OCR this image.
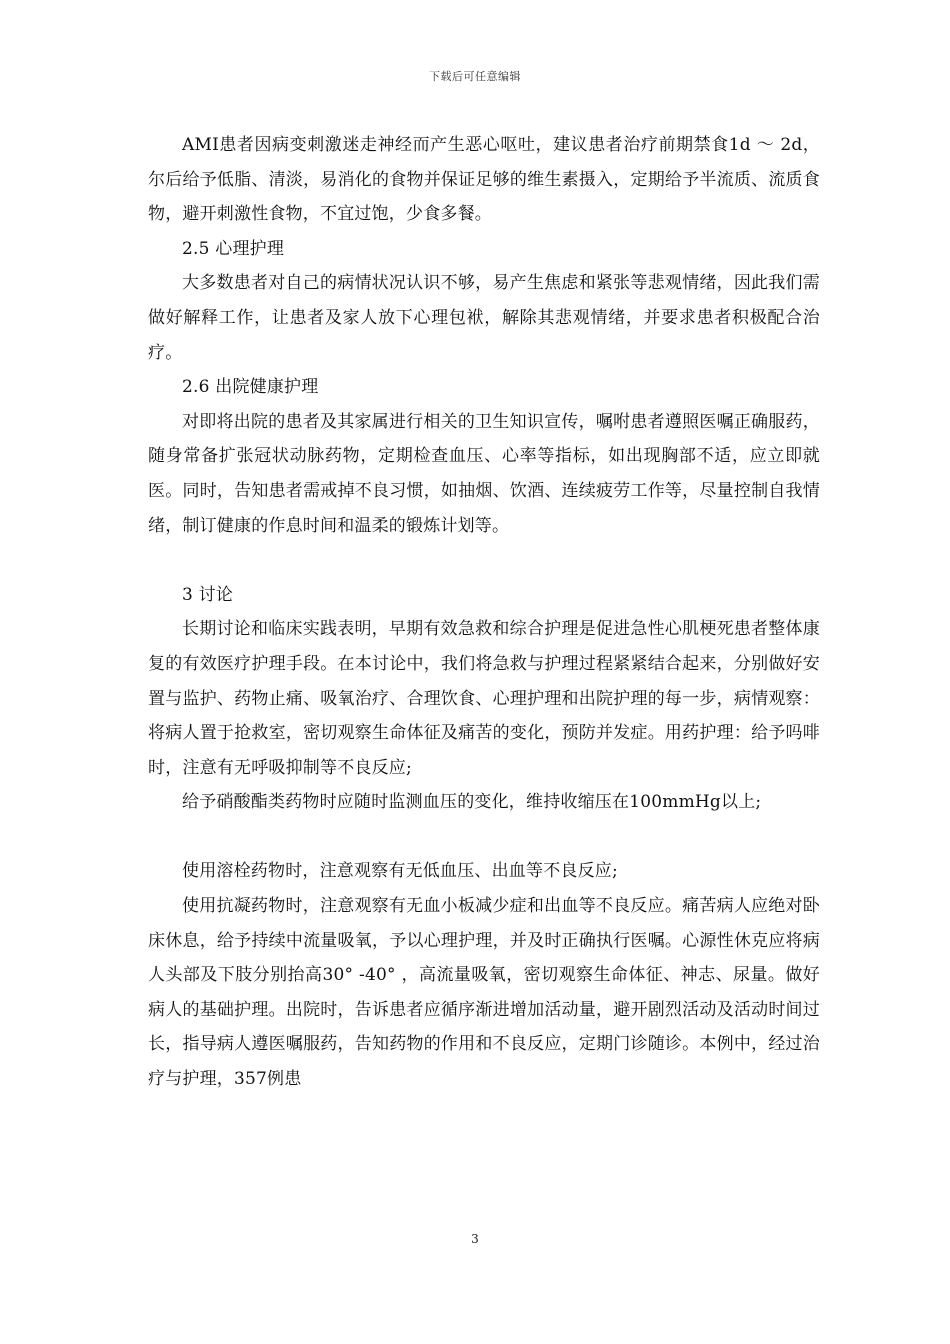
下载后可任意编辑

AMI患者因病变刺激迷走神经而产生恶心呕吐，建议患者治疗前期禁食1d ～ 2d，尔后给予低脂、清淡，易消化的食物并保证足够的维生素摄入，定期给予半流质、流质食物，避开刺激性食物，不宜过饱，少食多餐。

2.5 心理护理

大多数患者对自己的病情状况认识不够，易产生焦虑和紧张等悲观情绪，因此我们需做好解释工作，让患者及家人放下心理包袱，解除其悲观情绪，并要求患者积极配合治疗。

2.6 出院健康护理

对即将出院的患者及其家属进行相关的卫生知识宣传，嘱咐患者遵照医嘱正确服药，随身常备扩张冠状动脉药物，定期检查血压、心率等指标，如出现胸部不适，应立即就医。同时，告知患者需戒掉不良习惯，如抽烟、饮酒、连续疲劳工作等，尽量控制自我情绪，制订健康的作息时间和温柔的锻炼计划等。

3 讨论

长期讨论和临床实践表明，早期有效急救和综合护理是促进急性心肌梗死患者整体康复的有效医疗护理手段。在本讨论中，我们将急救与护理过程紧紧结合起来，分别做好安置与监护、药物止痛、吸氧治疗、合理饮食、心理护理和出院护理的每一步，病情观察：将病人置于抢救室，密切观察生命体征及痛苦的变化，预防并发症。用药护理：给予吗啡时，注意有无呼吸抑制等不良反应;

给予硝酸酯类药物时应随时监测血压的变化，维持收缩压在100mmHg以上;

使用溶栓药物时，注意观察有无低血压、出血等不良反应;

使用抗凝药物时，注意观察有无血小板减少症和出血等不良反应。痛苦病人应绝对卧床休息，给予持续中流量吸氧，予以心理护理，并及时正确执行医嘱。心源性休克应将病人头部及下肢分别抬高30° -40° ，高流量吸氧，密切观察生命体征、神志、尿量。做好病人的基础护理。出院时，告诉患者应循序渐进增加活动量，避开剧烈活动及活动时间过长，指导病人遵医嘱服药，告知药物的作用和不良反应，定期门诊随诊。本例中，经过治疗与护理，357例患

3
